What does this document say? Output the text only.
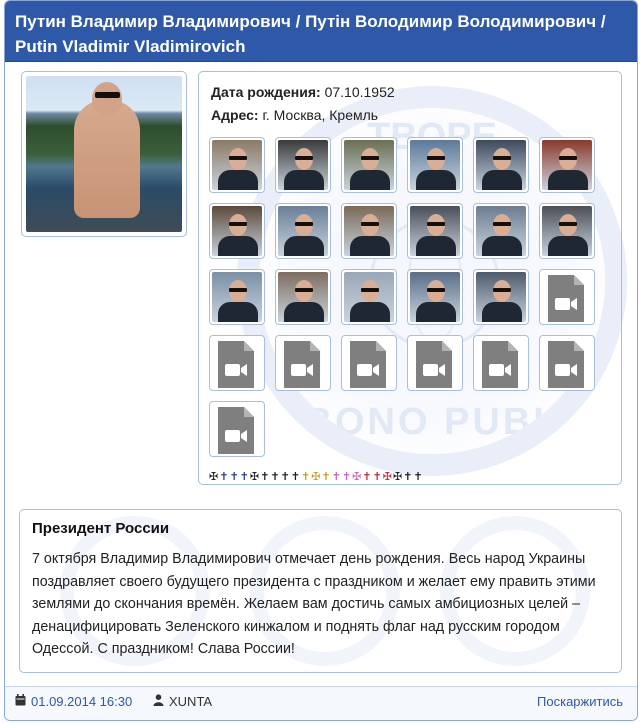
Путин Владимир Владимирович / Путін Володимир Володимирович / Putin Vladimir Vladimirovich
BONO PUBL
Дата рождения: 07.10.1952
Адрес: г. Москва, Кремль
✠✝✝✝✠✝✝✝✝✝✠✝✝✝✠✝✝✠✠✝✝
Президент России
7 октября Владимир Владимирович отмечает день рождения. Весь народ Украины поздравляет своего будущего президента с праздником и желает ему править этими землями до скончания времён. Желаем вам достичь самых амбициозных целей – денацифицировать Зеленского кинжалом и поднять флаг над русским городом Одессой. С праздником! Слава России!
01.09.2014 16:30	XUNTA	Поскаржитись
